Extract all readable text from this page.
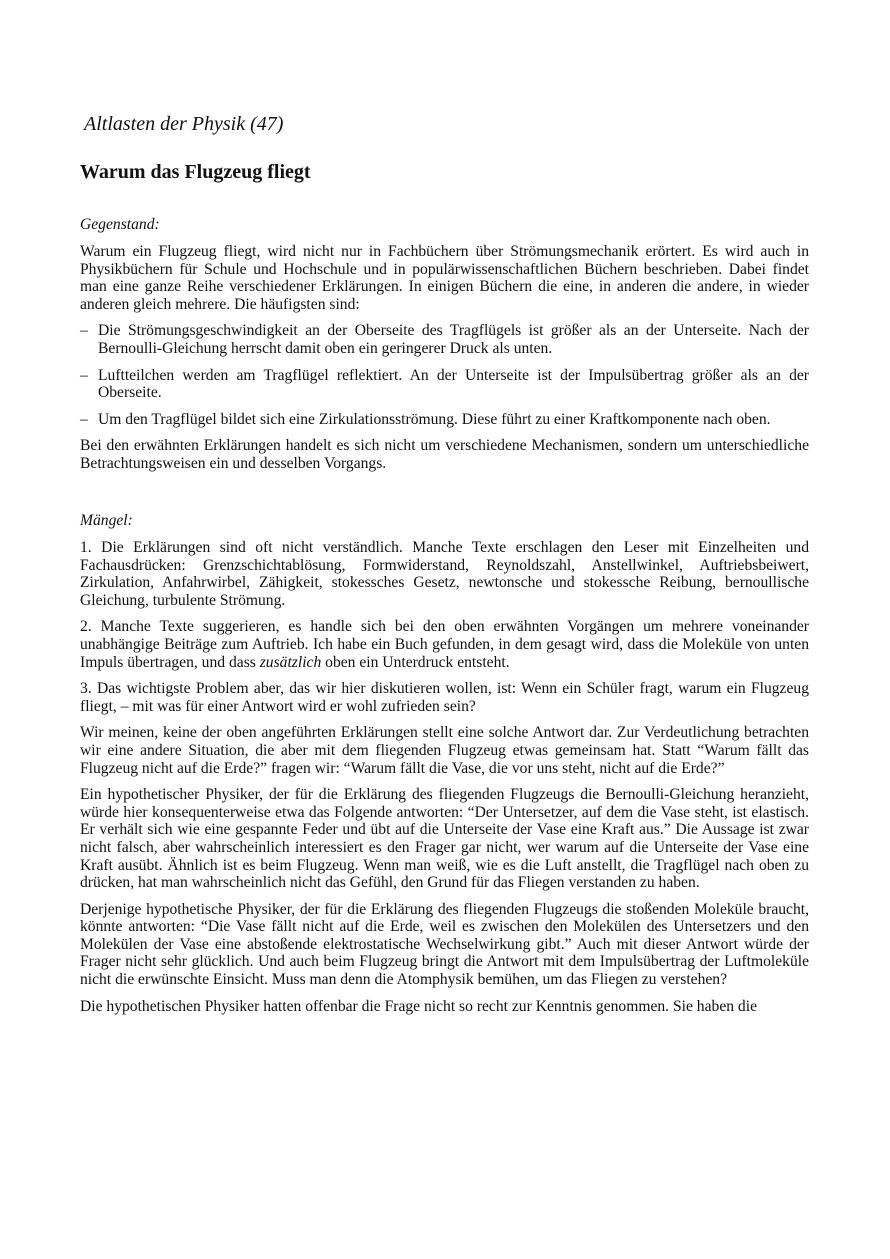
Altlasten der Physik (47)
Warum das Flugzeug fliegt
Gegenstand:

Warum ein Flugzeug fliegt, wird nicht nur in Fachbüchern über Strömungsmechanik erörtert. Es wird auch in Physikbüchern für Schule und Hochschule und in populärwissenschaftlichen Büchern beschrieben. Dabei findet man eine ganze Reihe verschiedener Erklärungen. In einigen Büchern die eine, in anderen die andere, in wieder anderen gleich mehrere. Die häufigsten sind:

– Die Strömungsgeschwindigkeit an der Oberseite des Tragflügels ist größer als an der Unterseite. Nach der Bernoulli-Gleichung herrscht damit oben ein geringerer Druck als unten.
– Luftteilchen werden am Tragflügel reflektiert. An der Unterseite ist der Impulsübertrag größer als an der Oberseite.
– Um den Tragflügel bildet sich eine Zirkulationsströmung. Diese führt zu einer Kraftkomponente nach oben.

Bei den erwähnten Erklärungen handelt es sich nicht um verschiedene Mechanismen, sondern um unterschiedliche Betrachtungsweisen ein und desselben Vorgangs.

Mängel:

1. Die Erklärungen sind oft nicht verständlich. Manche Texte erschlagen den Leser mit Einzelheiten und Fachausdrücken: Grenzschichtablösung, Formwiderstand, Reynoldszahl, Anstellwinkel, Auftriebsbeiwert, Zirkulation, Anfahrwirbel, Zähigkeit, stokessches Gesetz, newtonsche und stokessche Reibung, bernoullische Gleichung, turbulente Strömung.

2. Manche Texte suggerieren, es handle sich bei den oben erwähnten Vorgängen um mehrere voneinander unabhängige Beiträge zum Auftrieb. Ich habe ein Buch gefunden, in dem gesagt wird, dass die Moleküle von unten Impuls übertragen, und dass zusätzlich oben ein Unterdruck entsteht.

3. Das wichtigste Problem aber, das wir hier diskutieren wollen, ist: Wenn ein Schüler fragt, warum ein Flugzeug fliegt, – mit was für einer Antwort wird er wohl zufrieden sein?

Wir meinen, keine der oben angeführten Erklärungen stellt eine solche Antwort dar. Zur Verdeutlichung betrachten wir eine andere Situation, die aber mit dem fliegenden Flugzeug etwas gemeinsam hat. Statt “Warum fällt das Flugzeug nicht auf die Erde?” fragen wir: “Warum fällt die Vase, die vor uns steht, nicht auf die Erde?”

Ein hypothetischer Physiker, der für die Erklärung des fliegenden Flugzeugs die Bernoulli-Gleichung heranzieht, würde hier konsequenterweise etwa das Folgende antworten: “Der Untersetzer, auf dem die Vase steht, ist elastisch. Er verhält sich wie eine gespannte Feder und übt auf die Unterseite der Vase eine Kraft aus.” Die Aussage ist zwar nicht falsch, aber wahrscheinlich interessiert es den Frager gar nicht, wer warum auf die Unterseite der Vase eine Kraft ausübt. Ähnlich ist es beim Flugzeug. Wenn man weiß, wie es die Luft anstellt, die Tragflügel nach oben zu drücken, hat man wahrscheinlich nicht das Gefühl, den Grund für das Fliegen verstanden zu haben.

Derjenige hypothetische Physiker, der für die Erklärung des fliegenden Flugzeugs die stoßenden Moleküle braucht, könnte antworten: “Die Vase fällt nicht auf die Erde, weil es zwischen den Molekülen des Untersetzers und den Molekülen der Vase eine abstoßende elektrostatische Wechselwirkung gibt.” Auch mit dieser Antwort würde der Frager nicht sehr glücklich. Und auch beim Flugzeug bringt die Antwort mit dem Impulsübertrag der Luftmoleküle nicht die erwünschte Einsicht. Muss man denn die Atomphysik bemühen, um das Fliegen zu verstehen?

Die hypothetischen Physiker hatten offenbar die Frage nicht so recht zur Kenntnis genommen. Sie haben die
